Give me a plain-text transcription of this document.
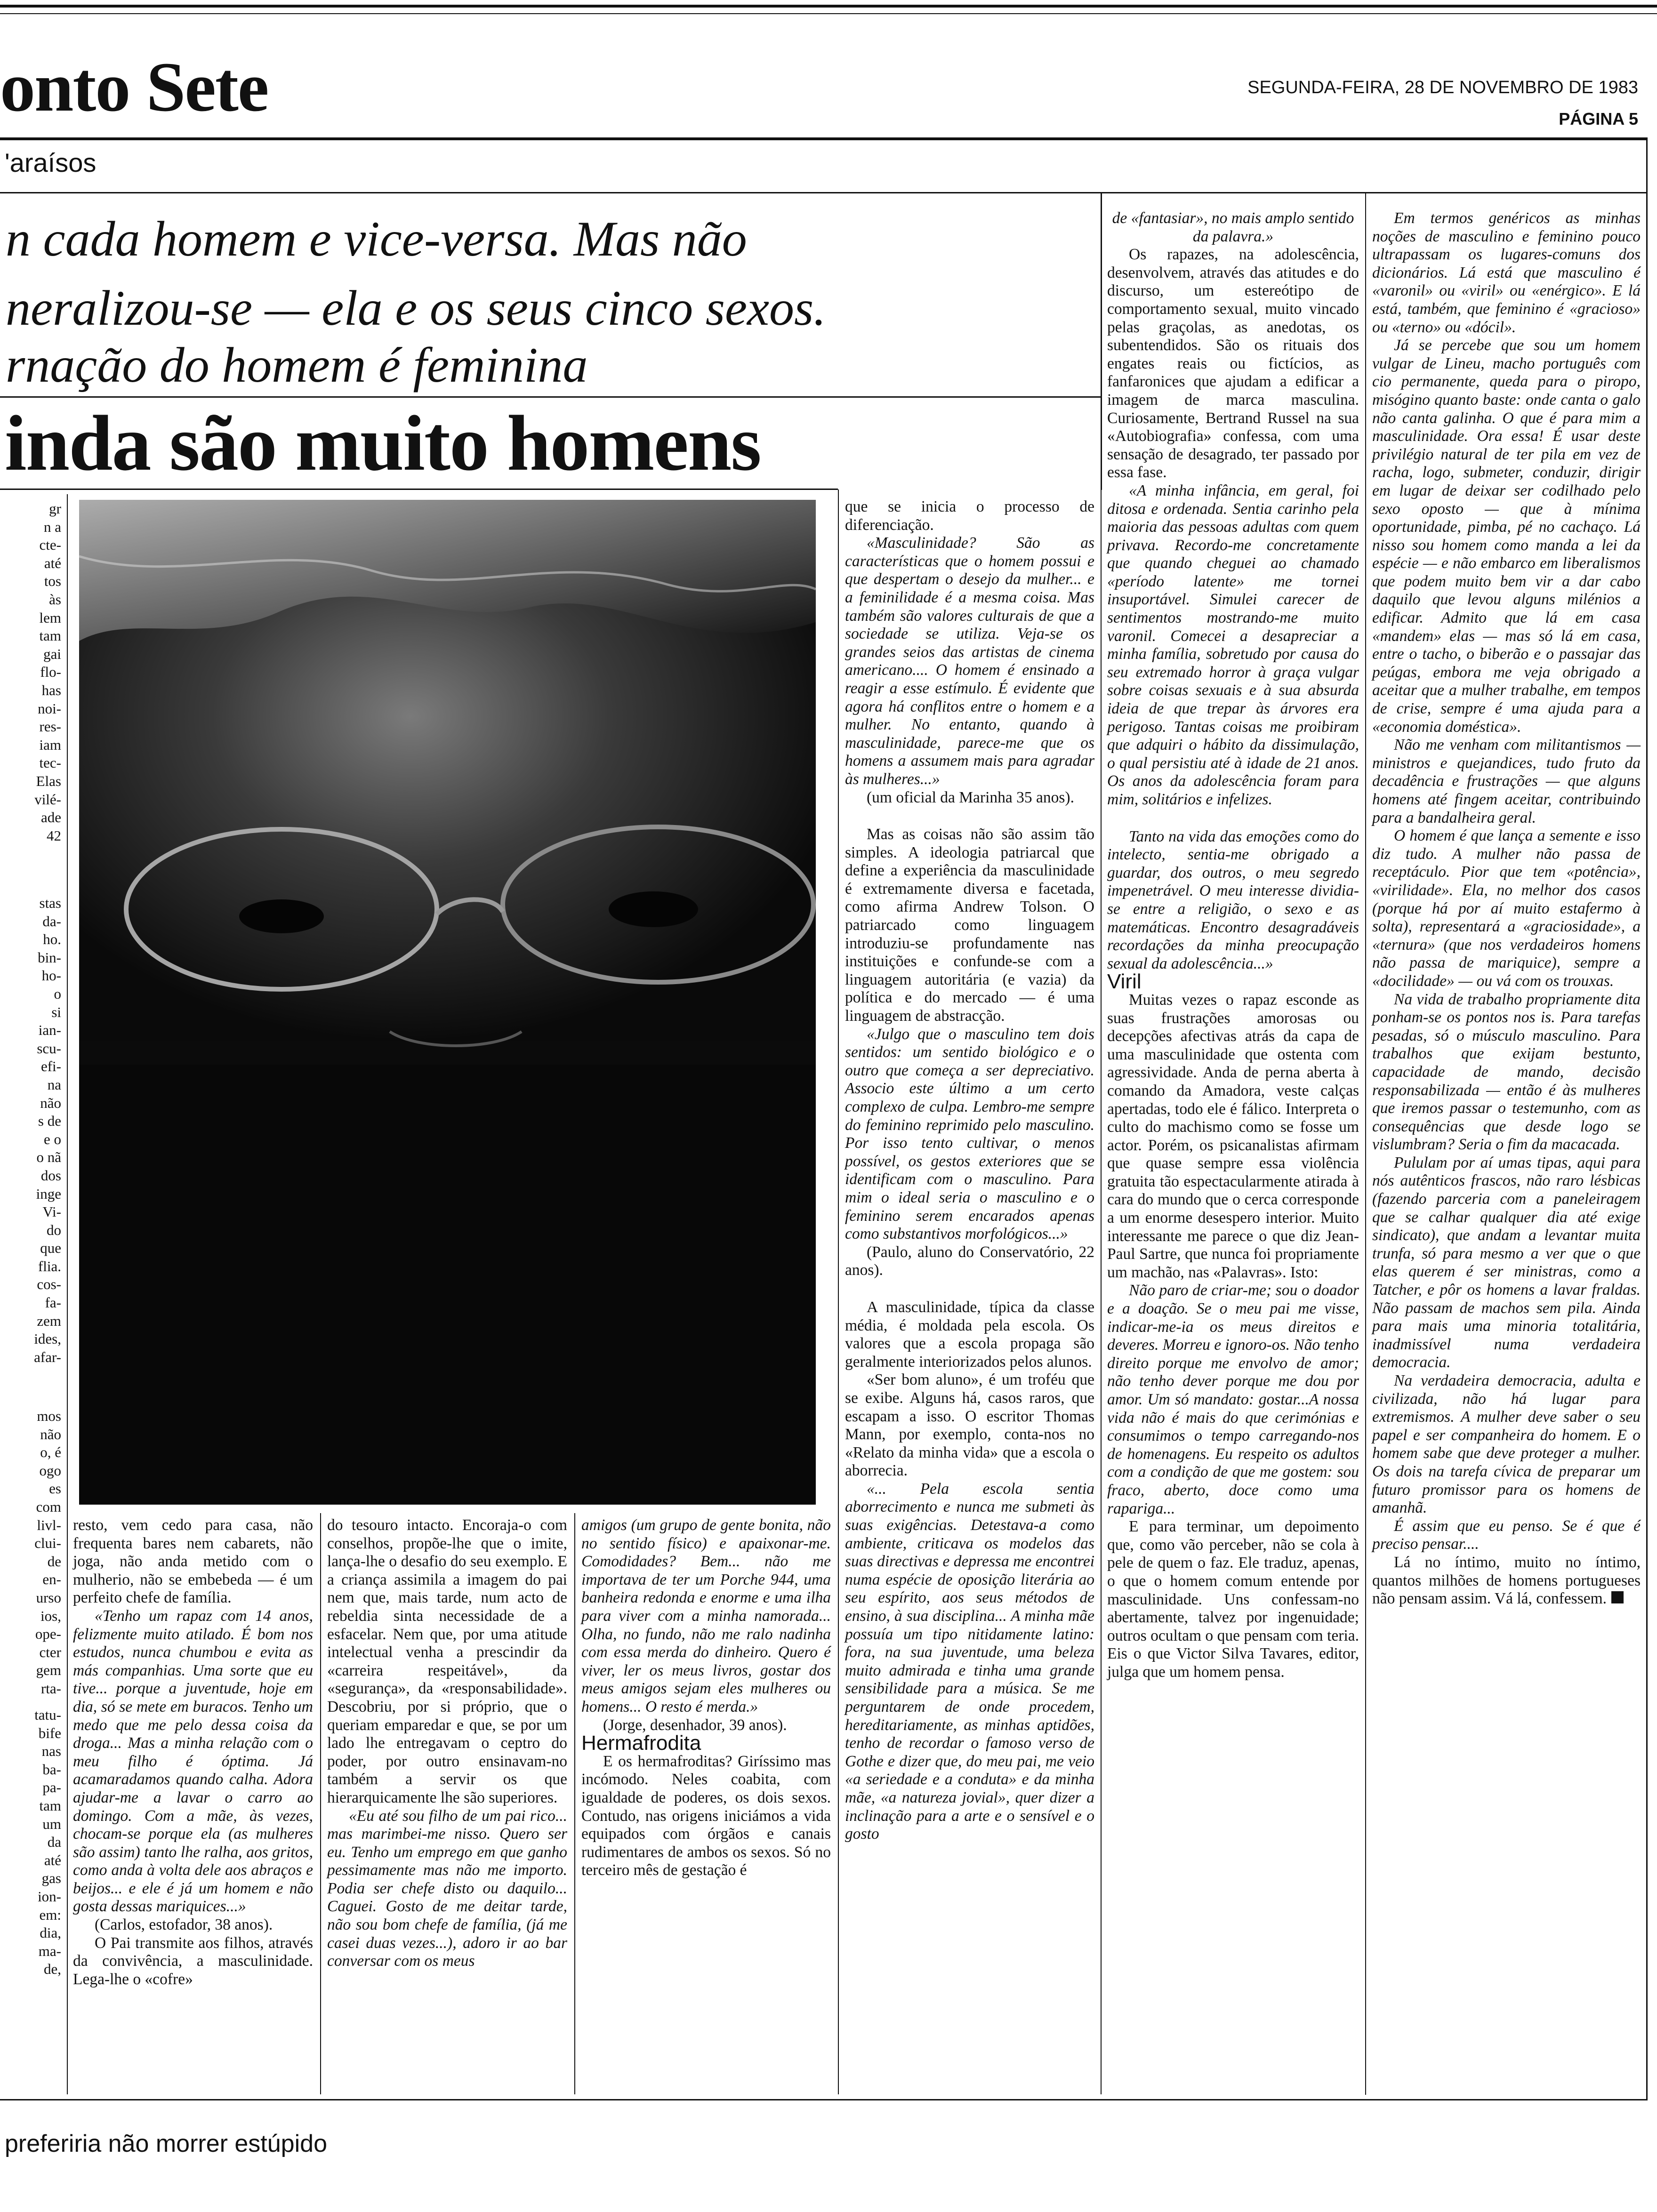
onto Sete	SEGUNDA-FEIRA, 28 DE NOVEMBRO DE 1983
PÁGINA 5
'araísos
n cada homem e vice-versa. Mas não
neralizou-se — ela e os seus cinco sexos.
rnação do homem é feminina
inda são muito homens
gr
n a
cte-
até
tos
às
lem
tam
gai
flo-
has
noi-
res-
iam
tec-
Elas
vilé-
ade
42
stas
da-
ho.
bin-
ho-
o
si
ian-
scu-
efi-
na
não
s de
e o
o nã
dos
inge
Vi-
do
que
flia.
cos-
fa-
zem
ides,
afar-
mos
não
o, é
ogo
es
com
livl-
clui-
de
en-
urso
ios,
ope-
cter
gem
rta-
tatu-
bife
nas
ba-
pa-
tam
um
da
até
gas
ion-
em:
dia,
ma-
de,

resto, vem cedo para casa, não frequenta bares nem cabarets, não joga, não anda metido com o mulherio, não se embebeda — é um perfeito chefe de família.

«Tenho um rapaz com 14 anos, felizmente muito atilado. É bom nos estudos, nunca chumbou e evita as más companhias. Uma sorte que eu tive... porque a juventude, hoje em dia, só se mete em buracos. Tenho um medo que me pelo dessa coisa da droga... Mas a minha relação com o meu filho é óptima. Já acamaradamos quando calha. Adora ajudar-me a lavar o carro ao domingo. Com a mãe, às vezes, chocam-se porque ela (as mulheres são assim) tanto lhe ralha, aos gritos, como anda à volta dele aos abraços e beijos... e ele é já um homem e não gosta dessas mariquices...»

(Carlos, estofador, 38 anos).

O Pai transmite aos filhos, através da convivência, a masculinidade. Lega-lhe o «cofre»

do tesouro intacto. Encoraja-o com conselhos, propõe-lhe que o imite, lança-lhe o desafio do seu exemplo. E a criança assimila a imagem do pai nem que, mais tarde, num acto de rebeldia sinta necessidade de a esfacelar. Nem que, por uma atitude intelectual venha a prescindir da «carreira respeitável», da «segurança», da «responsabilidade». Descobriu, por si próprio, que o queriam emparedar e que, se por um lado lhe entregavam o ceptro do poder, por outro ensinavam-no também a servir os que hierarquicamente lhe são superiores.

«Eu até sou filho de um pai rico... mas marimbei-me nisso. Quero ser eu. Tenho um emprego em que ganho pessimamente mas não me importo. Podia ser chefe disto ou daquilo... Caguei. Gosto de me deitar tarde, não sou bom chefe de família, (já me casei duas vezes...), adoro ir ao bar conversar com os meus

amigos (um grupo de gente bonita, não no sentido físico) e apaixonar-me. Comodidades? Bem... não me importava de ter um Porche 944, uma banheira redonda e enorme e uma ilha para viver com a minha namorada... Olha, no fundo, não me ralo nadinha com essa merda do dinheiro. Quero é viver, ler os meus livros, gostar dos meus amigos sejam eles mulheres ou homens... O resto é merda.»

(Jorge, desenhador, 39 anos).

Hermafrodita

E os hermafroditas? Giríssimo mas incómodo. Neles coabita, com igualdade de poderes, os dois sexos. Contudo, nas origens iniciámos a vida equipados com órgãos e canais rudimentares de ambos os sexos. Só no terceiro mês de gestação é

que se inicia o processo de diferenciação.

«Masculinidade? São as características que o homem possui e que despertam o desejo da mulher... e a feminilidade é a mesma coisa. Mas também são valores culturais de que a sociedade se utiliza. Veja-se os grandes seios das artistas de cinema americano.... O homem é ensinado a reagir a esse estímulo. É evidente que agora há conflitos entre o homem e a mulher. No entanto, quando à masculinidade, parece-me que os homens a assumem mais para agradar às mulheres...»

(um oficial da Marinha 35 anos).

Mas as coisas não são assim tão simples. A ideologia patriarcal que define a experiência da masculinidade é extremamente diversa e facetada, como afirma Andrew Tolson. O patriarcado como linguagem introduziu-se profundamente nas instituições e confunde-se com a linguagem autoritária (e vazia) da política e do mercado — é uma linguagem de abstracção.

«Julgo que o masculino tem dois sentidos: um sentido biológico e o outro que começa a ser depreciativo. Associo este último a um certo complexo de culpa. Lembro-me sempre do feminino reprimido pelo masculino. Por isso tento cultivar, o menos possível, os gestos exteriores que se identificam com o masculino. Para mim o ideal seria o masculino e o feminino serem encarados apenas como substantivos morfológicos...»

(Paulo, aluno do Conservatório, 22 anos).

A masculinidade, típica da classe média, é moldada pela escola. Os valores que a escola propaga são geralmente interiorizados pelos alunos.

«Ser bom aluno», é um troféu que se exibe. Alguns há, casos raros, que escapam a isso. O escritor Thomas Mann, por exemplo, conta-nos no «Relato da minha vida» que a escola o aborrecia.

«... Pela escola sentia aborrecimento e nunca me submeti às suas exigências. Detestava-a como ambiente, criticava os modelos das suas directivas e depressa me encontrei numa espécie de oposição literária ao seu espírito, aos seus métodos de ensino, à sua disciplina... A minha mãe possuía um tipo nitidamente latino: fora, na sua juventude, uma beleza muito admirada e tinha uma grande sensibilidade para a música. Se me perguntarem de onde procedem, hereditariamente, as minhas aptidões, tenho de recordar o famoso verso de Gothe e dizer que, do meu pai, me veio «a seriedade e a conduta» e da minha mãe, «a natureza jovial», quer dizer a inclinação para a arte e o sensível e o gosto

de «fantasiar», no mais amplo sentido da palavra.»

Os rapazes, na adolescência, desenvolvem, através das atitudes e do discurso, um estereótipo de comportamento sexual, muito vincado pelas graçolas, as anedotas, os subentendidos. São os rituais dos engates reais ou fictícios, as fanfaronices que ajudam a edificar a imagem de marca masculina. Curiosamente, Bertrand Russel na sua «Autobiografia» confessa, com uma sensação de desagrado, ter passado por essa fase.

«A minha infância, em geral, foi ditosa e ordenada. Sentia carinho pela maioria das pessoas adultas com quem privava. Recordo-me concretamente que quando cheguei ao chamado «período latente» me tornei insuportável. Simulei carecer de sentimentos mostrando-me muito varonil. Comecei a desapreciar a minha família, sobretudo por causa do seu extremado horror à graça vulgar sobre coisas sexuais e à sua absurda ideia de que trepar às árvores era perigoso. Tantas coisas me proibiram que adquiri o hábito da dissimulação, o qual persistiu até à idade de 21 anos. Os anos da adolescência foram para mim, solitários e infelizes.

Tanto na vida das emoções como do intelecto, sentia-me obrigado a guardar, dos outros, o meu segredo impenetrável. O meu interesse dividia-se entre a religião, o sexo e as matemáticas. Encontro desagradáveis recordações da minha preocupação sexual da adolescência...»

Viril

Muitas vezes o rapaz esconde as suas frustrações amorosas ou decepções afectivas atrás da capa de uma masculinidade que ostenta com agressividade. Anda de perna aberta à comando da Amadora, veste calças apertadas, todo ele é fálico. Interpreta o culto do machismo como se fosse um actor. Porém, os psicanalistas afirmam que quase sempre essa violência gratuita tão espectacularmente atirada à cara do mundo que o cerca corresponde a um enorme desespero interior. Muito interessante me parece o que diz Jean-Paul Sartre, que nunca foi propriamente um machão, nas «Palavras». Isto:

Não paro de criar-me; sou o doador e a doação. Se o meu pai me visse, indicar-me-ia os meus direitos e deveres. Morreu e ignoro-os. Não tenho direito porque me envolvo de amor; não tenho dever porque me dou por amor. Um só mandato: gostar...A nossa vida não é mais do que cerimónias e consumimos o tempo carregando-nos de homenagens. Eu respeito os adultos com a condição de que me gostem: sou fraco, aberto, doce como uma rapariga...

E para terminar, um depoimento que, como vão perceber, não se cola à pele de quem o faz. Ele traduz, apenas, o que o homem comum entende por masculinidade. Uns confessam-no abertamente, talvez por ingenuidade; outros ocultam o que pensam com teria. Eis o que Victor Silva Tavares, editor, julga que um homem pensa.

Em termos genéricos as minhas noções de masculino e feminino pouco ultrapassam os lugares-comuns dos dicionários. Lá está que masculino é «varonil» ou «viril» ou «enérgico». E lá está, também, que feminino é «gracioso» ou «terno» ou «dócil».

Já se percebe que sou um homem vulgar de Lineu, macho português com cio permanente, queda para o piropo, misógino quanto baste: onde canta o galo não canta galinha. O que é para mim a masculinidade. Ora essa! É usar deste privilégio natural de ter pila em vez de racha, logo, submeter, conduzir, dirigir em lugar de deixar ser codilhado pelo sexo oposto — que à mínima oportunidade, pimba, pé no cachaço. Lá nisso sou homem como manda a lei da espécie — e não embarco em liberalismos que podem muito bem vir a dar cabo daquilo que levou alguns milénios a edificar. Admito que lá em casa «mandem» elas — mas só lá em casa, entre o tacho, o biberão e o passajar das peúgas, embora me veja obrigado a aceitar que a mulher trabalhe, em tempos de crise, sempre é uma ajuda para a «economia doméstica».

Não me venham com militantismos — ministros e quejandices, tudo fruto da decadência e frustrações — que alguns homens até fingem aceitar, contribuindo para a bandalheira geral.

O homem é que lança a semente e isso diz tudo. A mulher não passa de receptáculo. Pior que tem «potência», «virilidade». Ela, no melhor dos casos (porque há por aí muito estafermo à solta), representará a «graciosidade», a «ternura» (que nos verdadeiros homens não passa de mariquice), sempre a «docilidade» — ou vá com os trouxas.

Na vida de trabalho propriamente dita ponham-se os pontos nos is. Para tarefas pesadas, só o músculo masculino. Para trabalhos que exijam bestunto, capacidade de mando, decisão responsabilizada — então é às mulheres que iremos passar o testemunho, com as consequências que desde logo se vislumbram? Seria o fim da macacada.

Pululam por aí umas tipas, aqui para nós autênticos frascos, não raro lésbicas (fazendo parceria com a paneleiragem que se calhar qualquer dia até exige sindicato), que andam a levantar muita trunfa, só para mesmo a ver que o que elas querem é ser ministras, como a Tatcher, e pôr os homens a lavar fraldas. Não passam de machos sem pila. Ainda para mais uma minoria totalitária, inadmissível numa verdadeira democracia.

Na verdadeira democracia, adulta e civilizada, não há lugar para extremismos. A mulher deve saber o seu papel e ser companheira do homem. E o homem sabe que deve proteger a mulher. Os dois na tarefa cívica de preparar um futuro promissor para os homens de amanhã.

É assim que eu penso. Se é que é preciso pensar....

Lá no íntimo, muito no íntimo, quantos milhões de homens portugueses não pensam assim. Vá lá, confessem.

preferiria não morrer estúpido
